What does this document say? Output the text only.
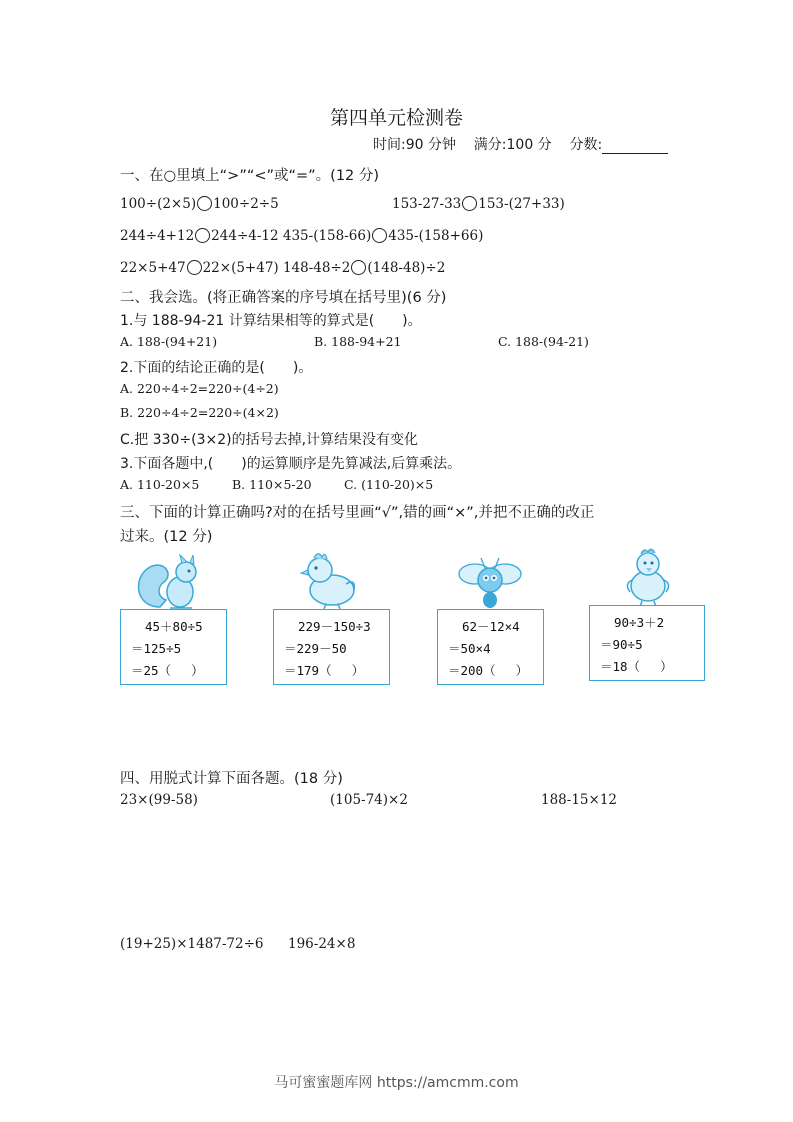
第四单元检测卷
时间:90 分钟 满分:100 分 分数:
一、在○里填上“>”“<”或“=”。(12 分)
100÷(2×5) 100÷2÷5	153-27-33 153-(27+33)
244÷4+12 244÷4-12 435-(158-66) 435-(158+66)
22×5+47 22×(5+47) 148-48÷2 (148-48)÷2
二、我会选。(将正确答案的序号填在括号里)(6 分)
1.与 188-94-21 计算结果相等的算式是(　　)。
A. 188-(94+21)	B. 188-94+21	C. 188-(94-21)
2.下面的结论正确的是(　　)。
A. 220÷4÷2=220÷(4÷2)
B. 220÷4÷2=220÷(4×2)
C.把 330÷(3×2)的括号去掉,计算结果没有变化
3.下面各题中,(　　)的运算顺序是先算减法,后算乘法。
A. 110-20×5	B. 110×5-20	C. (110-20)×5
三、下面的计算正确吗?对的在括号里画“√”,错的画“×”,并把不正确的改正
过来。(12 分)
45＋80÷5
＝125÷5
＝25（　 ）
229－150÷3
＝229－50
＝179（　 ）
62－12×4
＝50×4
＝200（　 ）
90÷3＋2
＝90÷5
＝18（　 ）
四、用脱式计算下面各题。(18 分)
23×(99-58)	(105-74)×2	188-15×12
(19+25)×1487-72÷6 196-24×8
马可蜜蜜题库网 https://amcmm.com
